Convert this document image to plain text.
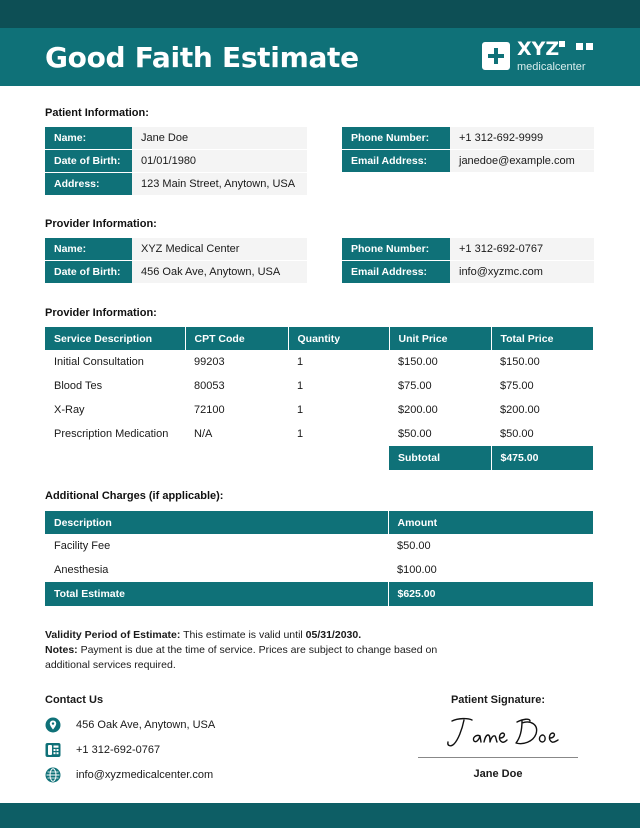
Good Faith Estimate	XYZ
medicalcenter
Patient Information:
Name:	Jane Doe
Date of Birth:	01/01/1980
Address:	123 Main Street, Anytown, USA
Phone Number:	+1 312-692-9999
Email Address:	janedoe@example.com
Provider Information:
Name:	XYZ Medical Center
Date of Birth:	456 Oak Ave, Anytown, USA
Phone Number:	+1 312-692-0767
Email Address:	info@xyzmc.com
Provider Information:
Service Description	CPT Code	Quantity	Unit Price	Total Price
Initial Consultation	99203	1	$150.00	$150.00
Blood Tes	80053	1	$75.00	$75.00
X-Ray	72100	1	$200.00	$200.00
Prescription Medication	N/A	1	$50.00	$50.00
			Subtotal	$475.00
Additional Charges (if applicable):
Description	Amount
Facility Fee	$50.00
Anesthesia	$100.00
Total Estimate	$625.00
Validity Period of Estimate: This estimate is valid until 05/31/2030.
Notes: Payment is due at the time of service. Prices are subject to change based on additional services required.
Contact Us
456 Oak Ave, Anytown, USA
+1 312-692-0767
info@xyzmedicalcenter.com
Patient Signature:
Jane Doe
